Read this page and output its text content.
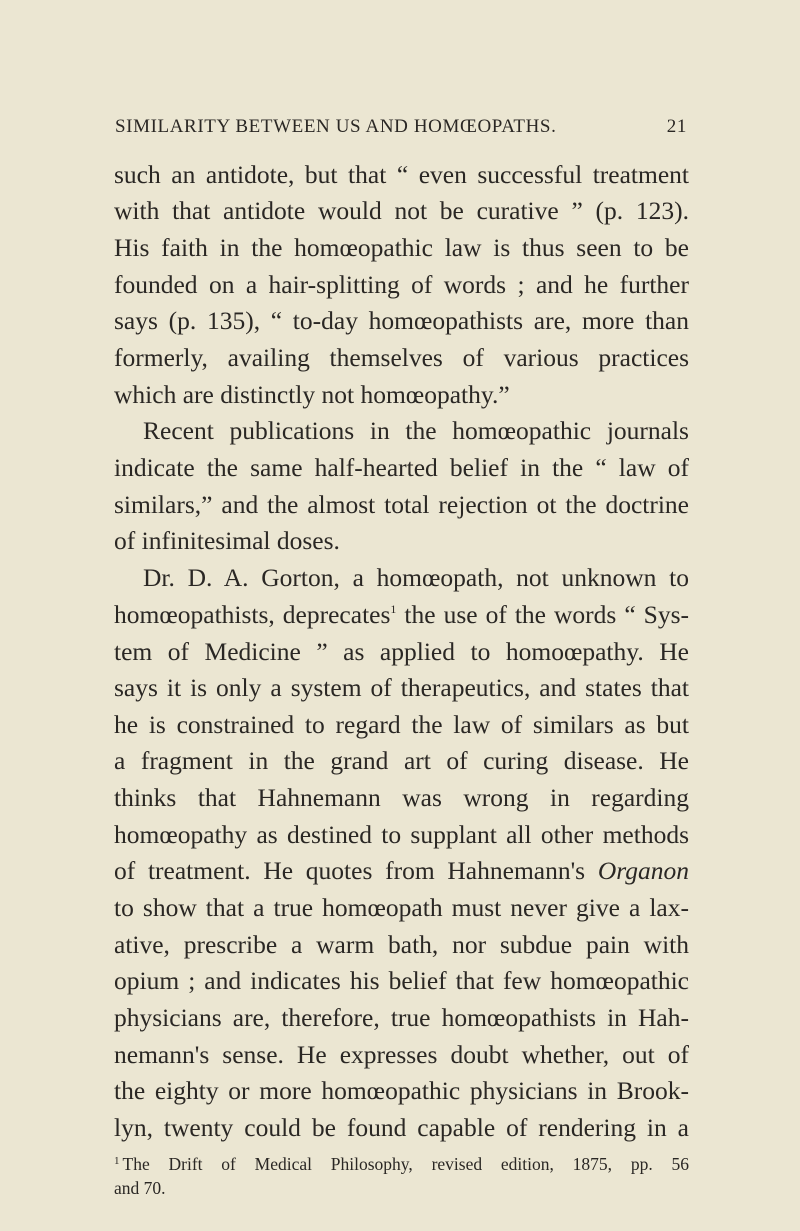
SIMILARITY BETWEEN US AND HOMŒOPATHS.	21
such an antidote, but that “ even successful treatment
with that antidote would not be curative ” (p. 123).
His faith in the homœopathic law is thus seen to be
founded on a hair-splitting of words ; and he further
says (p. 135), “ to-day homœopathists are, more than
formerly, availing themselves of various practices
which are distinctly not homœopathy.”
Recent publications in the homœopathic journals
indicate the same half-hearted belief in the “ law of
similars,” and the almost total rejection ot the doctrine
of infinitesimal doses.
Dr. D. A. Gorton, a homœopath, not unknown to
homœopathists, deprecates$^1$ the use of the words “ Sys-
tem of Medicine ” as applied to homoœpathy. He
says it is only a system of therapeutics, and states that
he is constrained to regard the law of similars as but
a fragment in the grand art of curing disease. He
thinks that Hahnemann was wrong in regarding
homœopathy as destined to supplant all other methods
of treatment. He quotes from Hahnemann's Organon
to show that a true homœopath must never give a lax-
ative, prescribe a warm bath, nor subdue pain with
opium ; and indicates his belief that few homœopathic
physicians are, therefore, true homœopathists in Hah-
nemann's sense. He expresses doubt whether, out of
the eighty or more homœopathic physicians in Brook-
lyn, twenty could be found capable of rendering in a
$^1$ The Drift of Medical Philosophy, revised edition, 1875, pp. 56
and 70.
